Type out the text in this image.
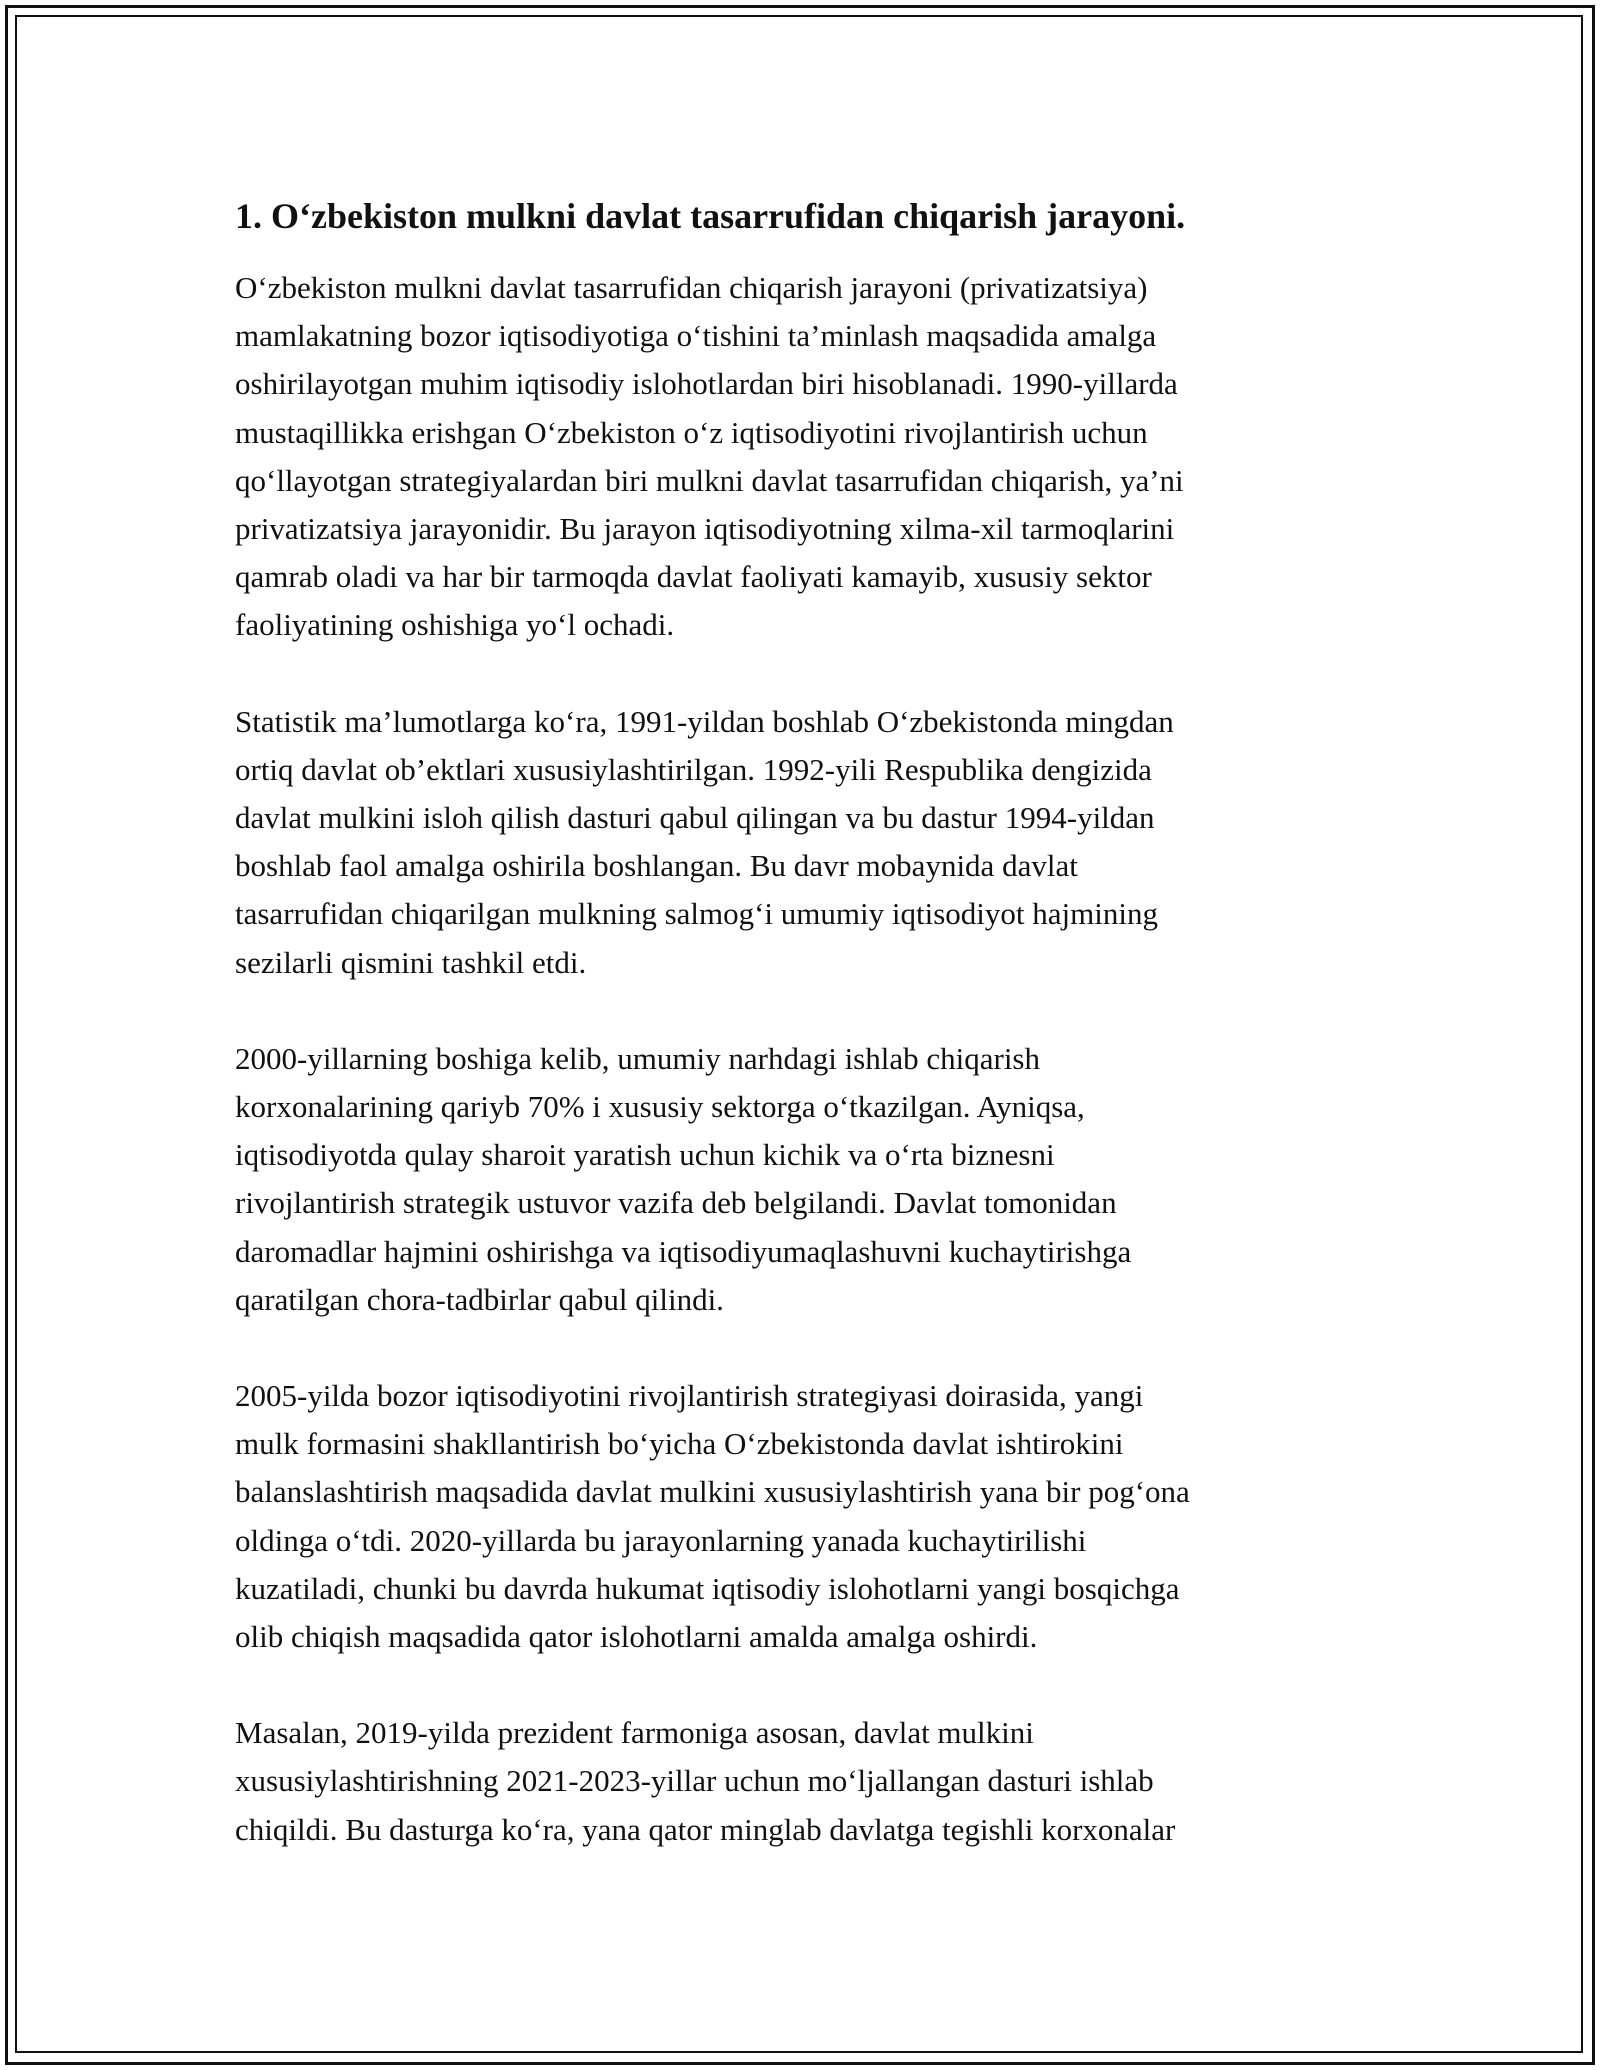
1. O‘zbekiston mulkni davlat tasarrufidan chiqarish jarayoni.
O‘zbekiston mulkni davlat tasarrufidan chiqarish jarayoni (privatizatsiya)
mamlakatning bozor iqtisodiyotiga o‘tishini ta’minlash maqsadida amalga
oshirilayotgan muhim iqtisodiy islohotlardan biri hisoblanadi. 1990-yillarda
mustaqillikka erishgan O‘zbekiston o‘z iqtisodiyotini rivojlantirish uchun
qo‘llayotgan strategiyalardan biri mulkni davlat tasarrufidan chiqarish, ya’ni
privatizatsiya jarayonidir. Bu jarayon iqtisodiyotning xilma-xil tarmoqlarini
qamrab oladi va har bir tarmoqda davlat faoliyati kamayib, xususiy sektor
faoliyatining oshishiga yo‘l ochadi.
Statistik ma’lumotlarga ko‘ra, 1991-yildan boshlab O‘zbekistonda mingdan
ortiq davlat ob’ektlari xususiylashtirilgan. 1992-yili Respublika dengizida
davlat mulkini isloh qilish dasturi qabul qilingan va bu dastur 1994-yildan
boshlab faol amalga oshirila boshlangan. Bu davr mobaynida davlat
tasarrufidan chiqarilgan mulkning salmog‘i umumiy iqtisodiyot hajmining
sezilarli qismini tashkil etdi.
2000-yillarning boshiga kelib, umumiy narhdagi ishlab chiqarish
korxonalarining qariyb 70% i xususiy sektorga o‘tkazilgan. Ayniqsa,
iqtisodiyotda qulay sharoit yaratish uchun kichik va o‘rta biznesni
rivojlantirish strategik ustuvor vazifa deb belgilandi. Davlat tomonidan
daromadlar hajmini oshirishga va iqtisodiyumaqlashuvni kuchaytirishga
qaratilgan chora-tadbirlar qabul qilindi.
2005-yilda bozor iqtisodiyotini rivojlantirish strategiyasi doirasida, yangi
mulk formasini shakllantirish bo‘yicha O‘zbekistonda davlat ishtirokini
balanslashtirish maqsadida davlat mulkini xususiylashtirish yana bir pog‘ona
oldinga o‘tdi. 2020-yillarda bu jarayonlarning yanada kuchaytirilishi
kuzatiladi, chunki bu davrda hukumat iqtisodiy islohotlarni yangi bosqichga
olib chiqish maqsadida qator islohotlarni amalda amalga oshirdi.
Masalan, 2019-yilda prezident farmoniga asosan, davlat mulkini
xususiylashtirishning 2021-2023-yillar uchun mo‘ljallangan dasturi ishlab
chiqildi. Bu dasturga ko‘ra, yana qator minglab davlatga tegishli korxonalar
